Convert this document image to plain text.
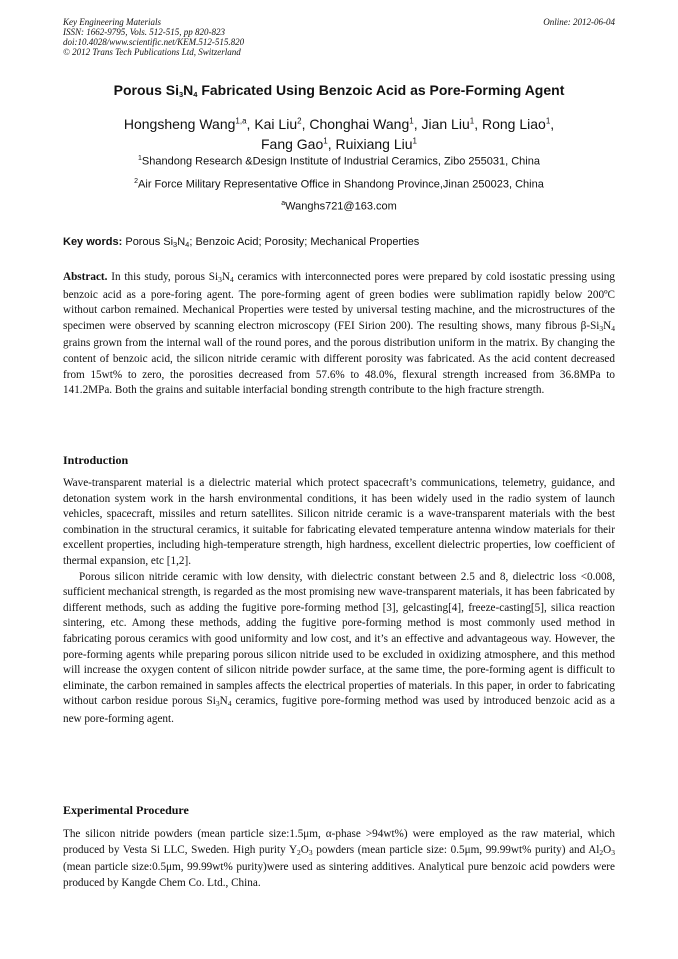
Key Engineering Materials
ISSN: 1662-9795, Vols. 512-515, pp 820-823
doi:10.4028/www.scientific.net/KEM.512-515.820
© 2012 Trans Tech Publications Ltd, Switzerland
Online: 2012-06-04
Porous $Si_3N_4$ Fabricated Using Benzoic Acid as Pore-Forming Agent
Hongsheng Wang$^{1,a}$, Kai Liu$^2$, Chonghai Wang$^1$, Jian Liu$^1$, Rong Liao$^1$,
Fang Gao$^1$, Ruixiang Liu$^1$
$^1$Shandong Research &Design Institute of Industrial Ceramics, Zibo 255031, China
$^2$Air Force Military Representative Office in Shandong Province,Jinan 250023, China
$^a$Wanghs721@163.com
Key words: Porous $Si_3N_4$; Benzoic Acid; Porosity; Mechanical Properties
Abstract. In this study, porous $Si_3N_4$ ceramics with interconnected pores were prepared by cold isostatic pressing using benzoic acid as a pore-foring agent. The pore-forming agent of green bodies were sublimation rapidly below 200ºC without carbon remained. Mechanical Properties were tested by universal testing machine, and the microstructures of the specimen were observed by scanning electron microscopy (FEI Sirion 200). The resulting shows, many fibrous $\beta-Si_3N_4$ grains grown from the internal wall of the round pores, and the porous distribution uniform in the matrix. By changing the content of benzoic acid, the silicon nitride ceramic with different porosity was fabricated. As the acid content decreased from 15wt% to zero, the porosities decreased from 57.6% to 48.0%, flexural strength increased from 36.8MPa to 141.2MPa. Both the grains and suitable interfacial bonding strength contribute to the high fracture strength.
Introduction

Wave-transparent material is a dielectric material which protect spacecraft’s communications, telemetry, guidance, and detonation system work in the harsh environmental conditions, it has been widely used in the radio system of launch vehicles, spacecraft, missiles and return satellites. Silicon nitride ceramic is a wave-transparent materials with the best combination in the structural ceramics, it suitable for fabricating elevated temperature antenna window materials for their excellent properties, including high-temperature strength, high hardness, excellent dielectric properties, low coefficient of thermal expansion, etc [1,2].

Porous silicon nitride ceramic with low density, with dielectric constant between 2.5 and 8, dielectric loss <0.008, sufficient mechanical strength, is regarded as the most promising new wave-transparent materials, it has been fabricated by different methods, such as adding the fugitive pore-forming method [3], gelcasting[4], freeze-casting[5], silica reaction sintering, etc. Among these methods, adding the fugitive pore-forming method is most commonly used method in fabricating porous ceramics with good uniformity and low cost, and it’s an effective and advantageous way. However, the pore-forming agents while preparing porous silicon nitride used to be excluded in oxidizing atmosphere, and this method will increase the oxygen content of silicon nitride powder surface, at the same time, the pore-forming agent is difficult to eliminate, the carbon remained in samples affects the electrical properties of materials. In this paper, in order to fabricating without carbon residue porous $Si_3N_4$ ceramics, fugitive pore-forming method was used by introduced benzoic acid as a new pore-forming agent.

Experimental Procedure
The silicon nitride powders (mean particle size:1.5μm, α-phase >94wt%) were employed as the raw material, which produced by Vesta Si LLC, Sweden. High purity $Y_2O_3$ powders (mean particle size: 0.5μm, 99.99wt% purity) and $Al_2O_3$ (mean particle size:0.5μm, 99.99wt% purity)were used as sintering additives. Analytical pure benzoic acid powders were produced by Kangde Chem Co. Ltd., China.
